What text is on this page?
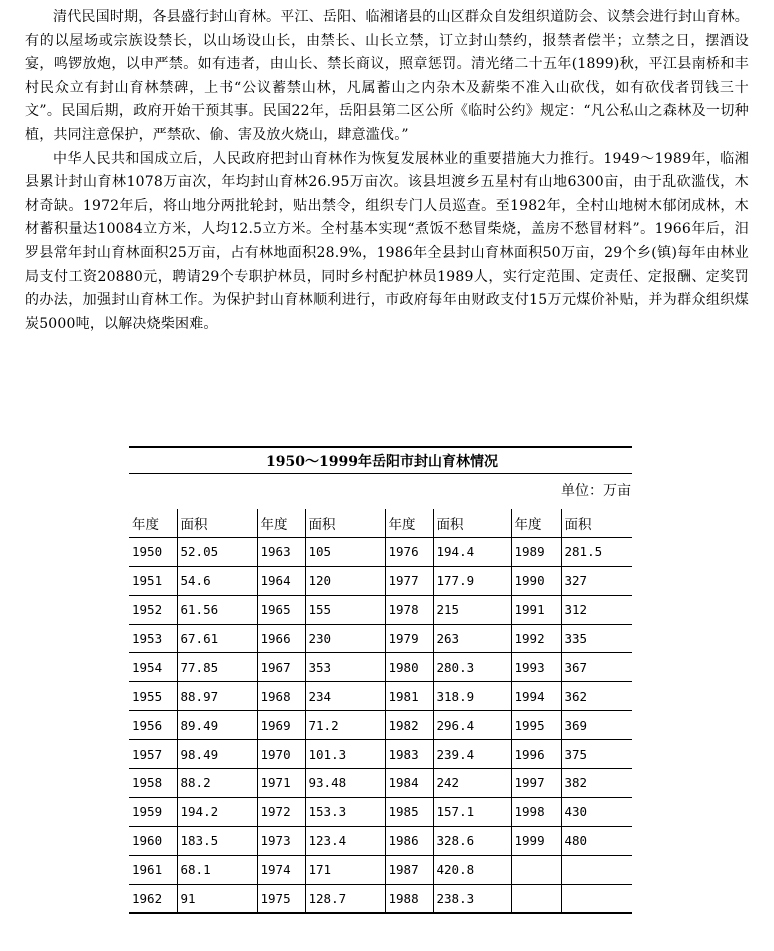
清代民国时期，各县盛行封山育林。平江、岳阳、临湘诸县的山区群众自发组织道防会、议禁会进行封山育林。有的以屋场或宗族设禁长，以山场设山长，由禁长、山长立禁，订立封山禁约，报禁者偿半；立禁之日，摆酒设宴，鸣锣放炮，以申严禁。如有违者，由山长、禁长商议，照章惩罚。清光绪二十五年(1899)秋，平江县南桥和丰村民众立有封山育林禁碑，上书“公议蓄禁山林，凡属蓄山之内杂木及薪柴不准入山砍伐，如有砍伐者罚钱三十文”。民国后期，政府开始干预其事。民国22年，岳阳县第二区公所《临时公约》规定：“凡公私山之森林及一切种植，共同注意保护，严禁砍、偷、害及放火烧山，肆意滥伐。”

中华人民共和国成立后，人民政府把封山育林作为恢复发展林业的重要措施大力推行。1949～1989年，临湘县累计封山育林1078万亩次，年均封山育林26.95万亩次。该县坦渡乡五星村有山地6300亩，由于乱砍滥伐，木材奇缺。1972年后，将山地分两批轮封，贴出禁令，组织专门人员巡查。至1982年，全村山地树木郁闭成林，木材蓄积量达10084立方米，人均12.5立方米。全村基本实现“煮饭不愁冒柴烧，盖房不愁冒材料”。1966年后，汨罗县常年封山育林面积25万亩，占有林地面积28.9%，1986年全县封山育林面积50万亩，29个乡(镇)每年由林业局支付工资20880元，聘请29个专职护林员，同时乡村配护林员1989人，实行定范围、定责任、定报酬、定奖罚的办法，加强封山育林工作。为保护封山育林顺利进行，市政府每年由财政支付15万元煤价补贴，并为群众组织煤炭5000吨，以解决烧柴困难。

1950～1999年岳阳市封山育林情况
单位：万亩
年度	面积		年度	面积		年度	面积		年度	面积
1950	52.05		1963	105		1976	194.4		1989	281.5
1951	54.6		1964	120		1977	177.9		1990	327
1952	61.56		1965	155		1978	215		1991	312
1953	67.61		1966	230		1979	263		1992	335
1954	77.85		1967	353		1980	280.3		1993	367
1955	88.97		1968	234		1981	318.9		1994	362
1956	89.49		1969	71.2		1982	296.4		1995	369
1957	98.49		1970	101.3		1983	239.4		1996	375
1958	88.2		1971	93.48		1984	242		1997	382
1959	194.2		1972	153.3		1985	157.1		1998	430
1960	183.5		1973	123.4		1986	328.6		1999	480
1961	68.1		1974	171		1987	420.8			
1962	91		1975	128.7		1988	238.3			
